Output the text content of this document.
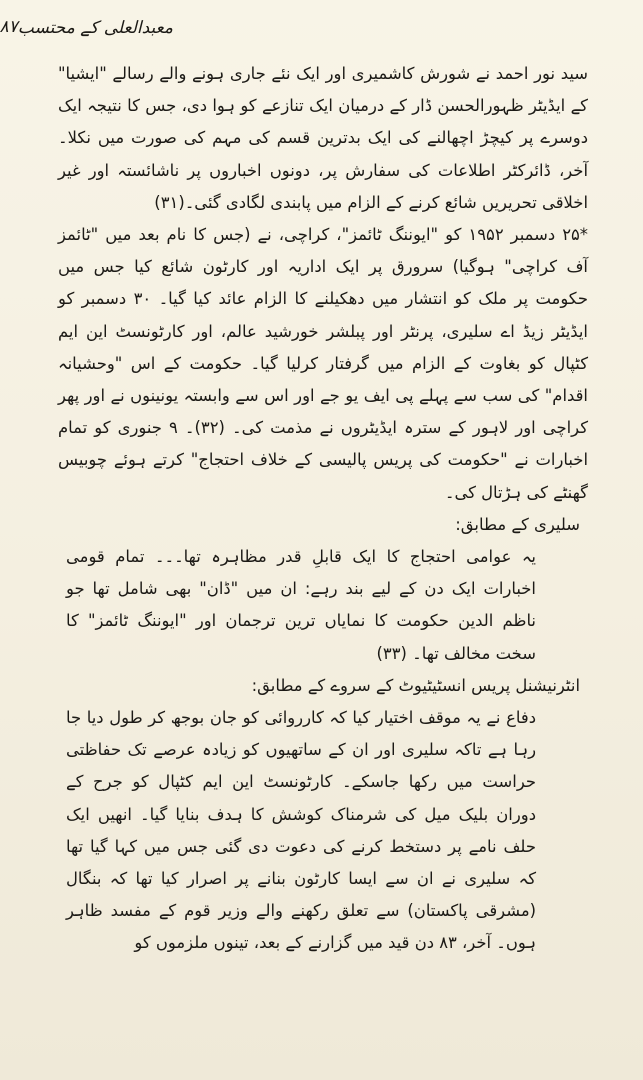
معبدالعلی کے محتسب
۸۷

سید نور احمد نے شورش کاشمیری اور ایک نئے جاری ہونے والے رسالے "ایشیا" کے ایڈیٹر ظہورالحسن ڈار کے درمیان ایک تنازعے کو ہوا دی، جس کا نتیجہ ایک دوسرے پر کیچڑ اچھالنے کی ایک بدترین قسم کی مہم کی صورت میں نکلا۔ آخر، ڈائرکٹر اطلاعات کی سفارش پر، دونوں اخباروں پر ناشائستہ اور غیر اخلاقی تحریریں شائع کرنے کے الزام میں پابندی لگادی گئی۔(۳۱)

*۲۵ دسمبر ۱۹۵۲ کو "ایوننگ ٹائمز"، کراچی، نے (جس کا نام بعد میں "ٹائمز آف کراچی" ہوگیا) سرورق پر ایک اداریہ اور کارٹون شائع کیا جس میں حکومت پر ملک کو انتشار میں دھکیلنے کا الزام عائد کیا گیا۔ ۳۰ دسمبر کو ایڈیٹر زیڈ اے سلیری، پرنٹر اور پبلشر خورشید عالم، اور کارٹونسٹ این ایم کٹپال کو بغاوت کے الزام میں گرفتار کرلیا گیا۔ حکومت کے اس "وحشیانہ اقدام" کی سب سے پہلے پی ایف یو جے اور اس سے وابستہ یونینوں نے اور پھر کراچی اور لاہور کے سترہ ایڈیٹروں نے مذمت کی۔ (۳۲)۔ ۹ جنوری کو تمام اخبارات نے "حکومت کی پریس پالیسی کے خلاف احتجاج" کرتے ہوئے چوبیس گھنٹے کی ہڑتال کی۔

سلیری کے مطابق:

یہ عوامی احتجاج کا ایک قابلِ قدر مظاہرہ تھا۔۔۔ تمام قومی اخبارات ایک دن کے لیے بند رہے: ان میں "ڈان" بھی شامل تھا جو ناظم الدین حکومت کا نمایاں ترین ترجمان اور "ایوننگ ٹائمز" کا سخت مخالف تھا۔ (۳۳)

انٹرنیشنل پریس انسٹیٹیوٹ کے سروے کے مطابق:

دفاع نے یہ موقف اختیار کیا کہ کارروائی کو جان بوجھ کر طول دیا جا رہا ہے تاکہ سلیری اور ان کے ساتھیوں کو زیادہ عرصے تک حفاظتی حراست میں رکھا جاسکے۔ کارٹونسٹ این ایم کٹپال کو جرح کے دوران بلیک میل کی شرمناک کوشش کا ہدف بنایا گیا۔ انھیں ایک حلف نامے پر دستخط کرنے کی دعوت دی گئی جس میں کہا گیا تھا کہ سلیری نے ان سے ایسا کارٹون بنانے پر اصرار کیا تھا کہ بنگال (مشرقی پاکستان) سے تعلق رکھنے والے وزیر قوم کے مفسد ظاہر ہوں۔ آخر، ۸۳ دن قید میں گزارنے کے بعد، تینوں ملزموں کو
